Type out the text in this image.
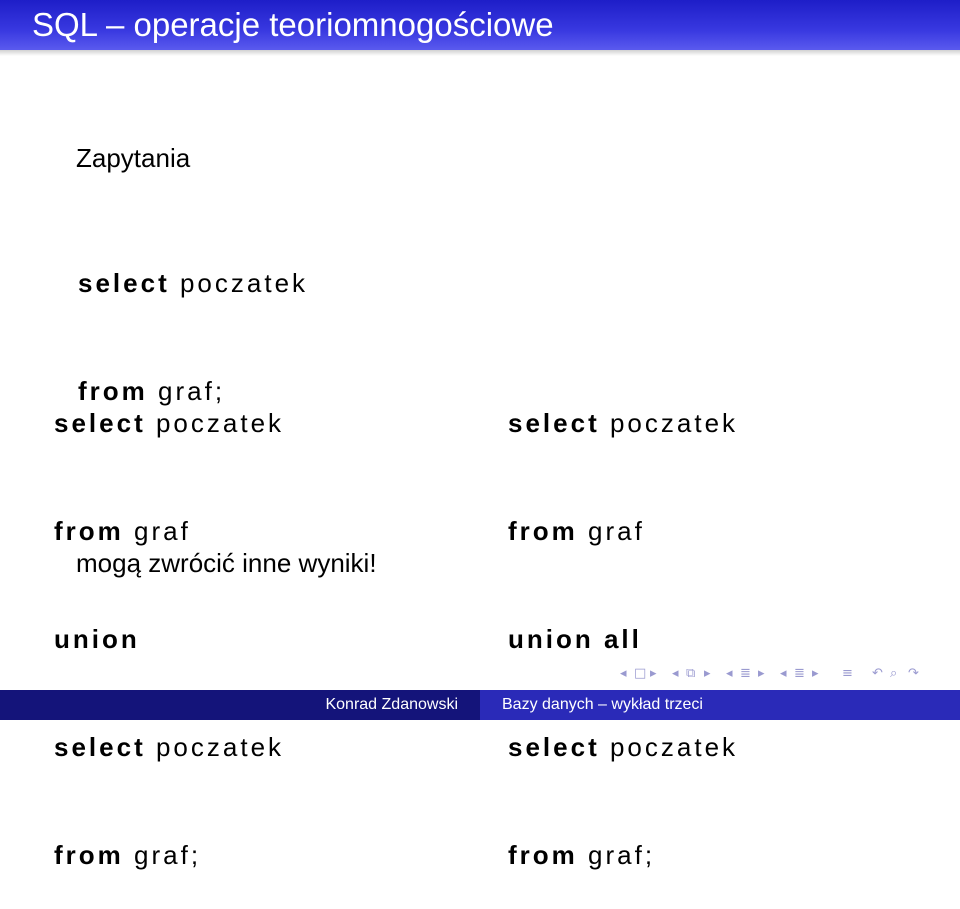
SQL – operacje teoriomnogościowe
Zapytania

select poczatek

from graf;

select poczatek

from graf

union

select poczatek

from graf;

select poczatek

from graf

union all

select poczatek

from graf;

mogą zwrócić inne wyniki!
◂ □ ▸ ◂ ⧉ ▸ ◂ ≣ ▸ ◂ ≣ ▸ ≡ ↶ ⌕ ↷
Konrad Zdanowski	Bazy danych – wykład trzeci
